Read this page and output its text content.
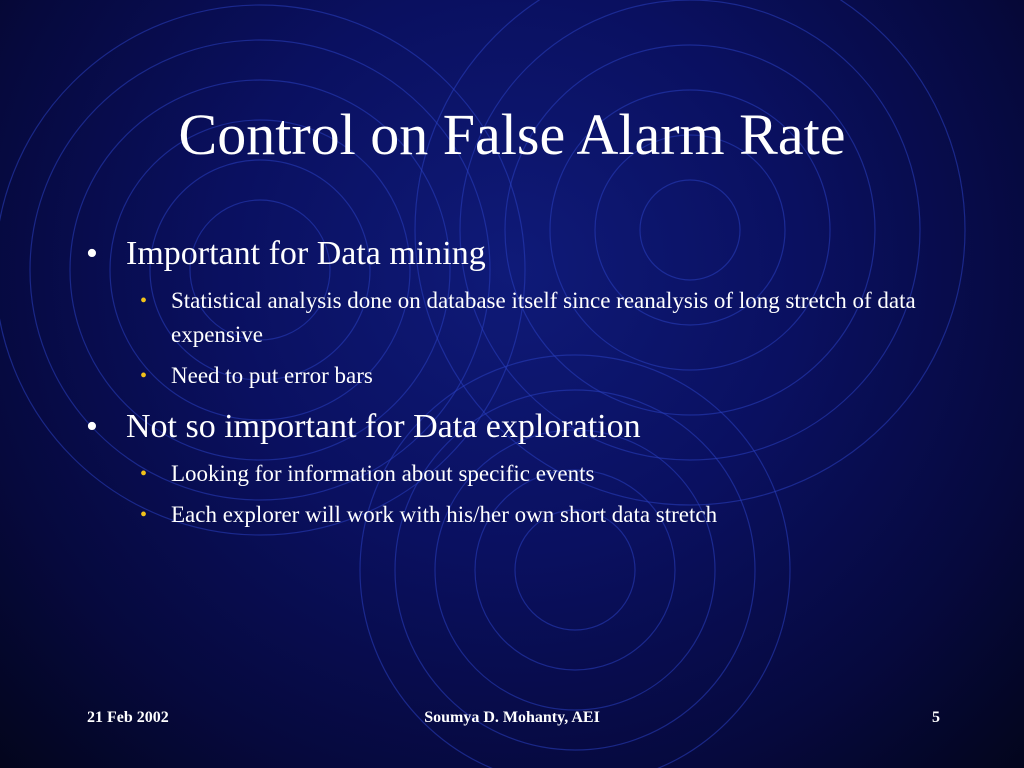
Control on False Alarm Rate
• Important for Data mining
• Statistical analysis done on database itself since reanalysis of long stretch of data expensive
• Need to put error bars
• Not so important for Data exploration
• Looking for information about specific events
• Each explorer will work with his/her own short data stretch
21 Feb 2002	Soumya D. Mohanty, AEI	5
